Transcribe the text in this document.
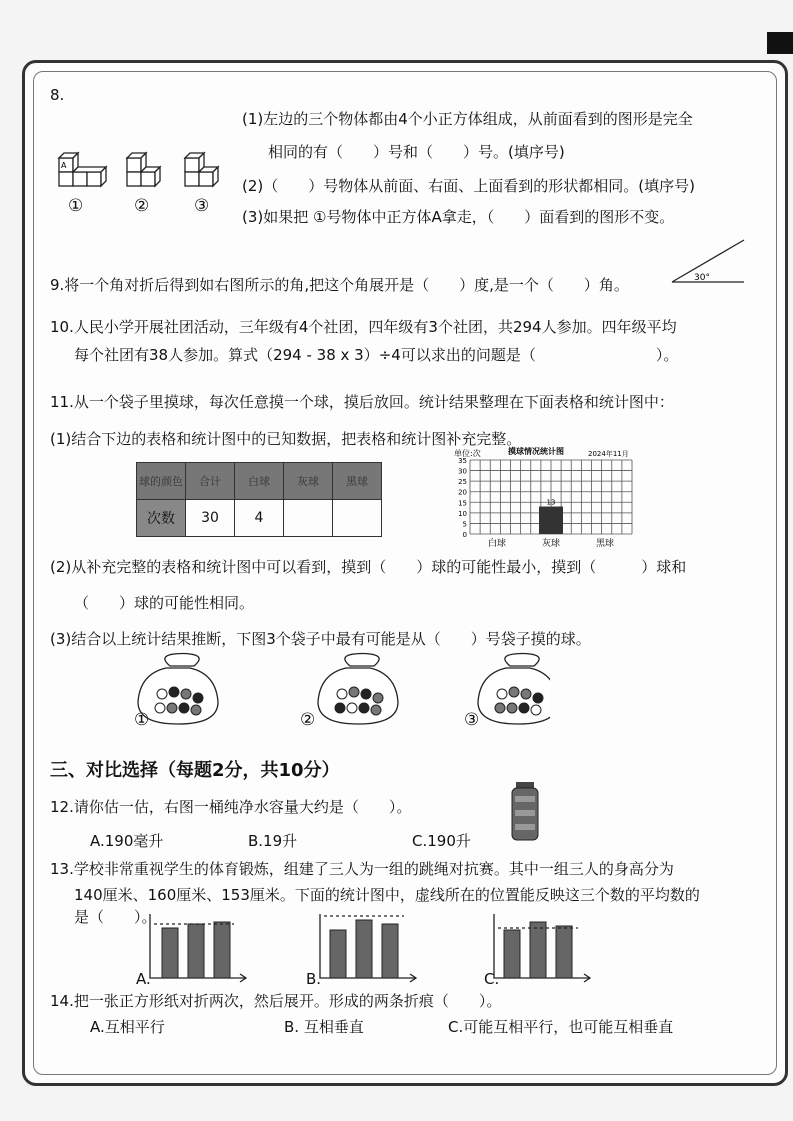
8.
A
①	②	③
(1)左边的三个物体都由4个小正方体组成，从前面看到的图形是完全
相同的有（　　）号和（　　）号。(填序号)
(2)（　　）号物体从前面、右面、上面看到的形状都相同。(填序号)
(3)如果把 ①号物体中正方体A拿走，（　　）面看到的图形不变。
9.将一个角对折后得到如右图所示的角,把这个角展开是（　　）度,是一个（　　）角。	30°
10.人民小学开展社团活动，三年级有4个社团，四年级有3个社团，共294人参加。四年级平均
每个社团有38人参加。算式（294 - 38 x 3）÷4可以求出的问题是（　　　　　　　　）。
11.从一个袋子里摸球，每次任意摸一个球，摸后放回。统计结果整理在下面表格和统计图中：
(1)结合下边的表格和统计图中的已知数据，把表格和统计图补充完整。
球的颜色	合计	白球	灰球	黑球
次数	30	4		
单位:次	摸球情况统计图	2024年11月
0
5
10
15
20
25
30
35
白球
13
灰球	黑球
(2)从补充完整的表格和统计图中可以看到，摸到（　　）球的可能性最小，摸到（　　　）球和
（　　）球的可能性相同。
(3)结合以上统计结果推断，下图3个袋子中最有可能是从（　　）号袋子摸的球。
①	②	③
三、对比选择（每题2分，共10分）
12.请你估一估，右图一桶纯净水容量大约是（　　）。
A.190毫升	B.19升	C.190升
13.学校非常重视学生的体育锻炼，组建了三人为一组的跳绳对抗赛。其中一组三人的身高分为
140厘米、160厘米、153厘米。下面的统计图中，虚线所在的位置能反映这三个数的平均数的
是（　　）。
A.	B.	C.
14.把一张正方形纸对折两次，然后展开。形成的两条折痕（　　）。
A.互相平行	B. 互相垂直	C.可能互相平行，也可能互相垂直
